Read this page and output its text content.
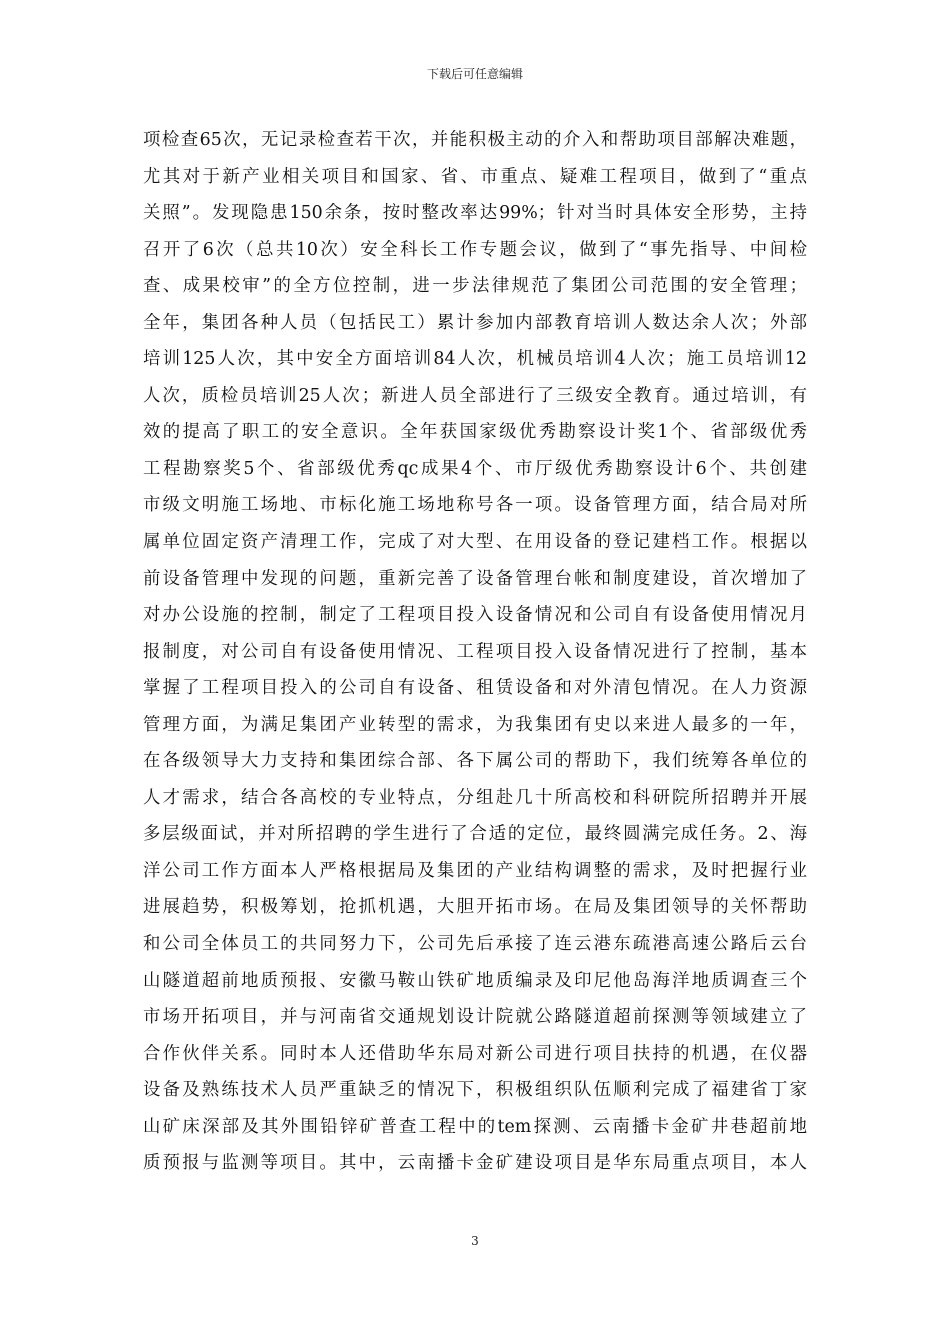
下载后可任意编辑
项检查65次，无记录检查若干次，并能积极主动的介入和帮助项目部解决难题，
尤其对于新产业相关项目和国家、省、市重点、疑难工程项目，做到了“重点
关照”。发现隐患150余条，按时整改率达99%；针对当时具体安全形势，主持
召开了6次（总共10次）安全科长工作专题会议，做到了“事先指导、中间检
查、成果校审”的全方位控制，进一步法律规范了集团公司范围的安全管理；
全年，集团各种人员（包括民工）累计参加内部教育培训人数达余人次；外部
培训125人次，其中安全方面培训84人次，机械员培训4人次；施工员培训12
人次，质检员培训25人次；新进人员全部进行了三级安全教育。通过培训，有
效的提高了职工的安全意识。全年获国家级优秀勘察设计奖1个、省部级优秀
工程勘察奖5个、省部级优秀qc成果4个、市厅级优秀勘察设计6个、共创建
市级文明施工场地、市标化施工场地称号各一项。设备管理方面，结合局对所
属单位固定资产清理工作，完成了对大型、在用设备的登记建档工作。根据以
前设备管理中发现的问题，重新完善了设备管理台帐和制度建设，首次增加了
对办公设施的控制，制定了工程项目投入设备情况和公司自有设备使用情况月
报制度，对公司自有设备使用情况、工程项目投入设备情况进行了控制，基本
掌握了工程项目投入的公司自有设备、租赁设备和对外清包情况。在人力资源
管理方面，为满足集团产业转型的需求，为我集团有史以来进人最多的一年，
在各级领导大力支持和集团综合部、各下属公司的帮助下，我们统筹各单位的
人才需求，结合各高校的专业特点，分组赴几十所高校和科研院所招聘并开展
多层级面试，并对所招聘的学生进行了合适的定位，最终圆满完成任务。2、海
洋公司工作方面本人严格根据局及集团的产业结构调整的需求，及时把握行业
进展趋势，积极筹划，抢抓机遇，大胆开拓市场。在局及集团领导的关怀帮助
和公司全体员工的共同努力下，公司先后承接了连云港东疏港高速公路后云台
山隧道超前地质预报、安徽马鞍山铁矿地质编录及印尼他岛海洋地质调查三个
市场开拓项目，并与河南省交通规划设计院就公路隧道超前探测等领域建立了
合作伙伴关系。同时本人还借助华东局对新公司进行项目扶持的机遇，在仪器
设备及熟练技术人员严重缺乏的情况下，积极组织队伍顺利完成了福建省丁家
山矿床深部及其外围铅锌矿普查工程中的tem探测、云南播卡金矿井巷超前地
质预报与监测等项目。其中，云南播卡金矿建设项目是华东局重点项目，本人
3
